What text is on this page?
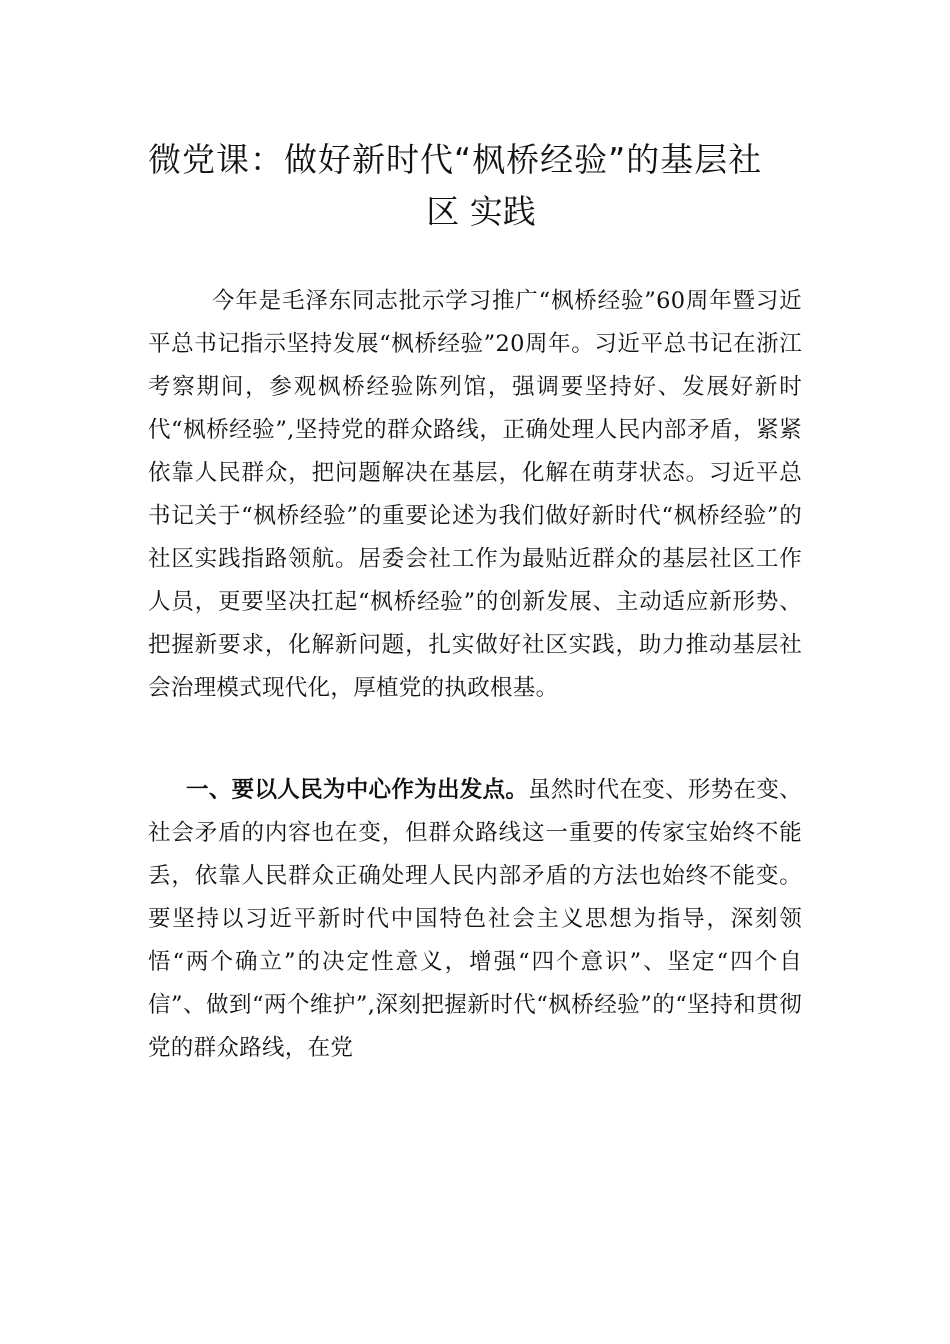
微党课：做好新时代“枫桥经验”的基层社
区 实践

今年是毛泽东同志批示学习推广“枫桥经验”60周年暨习近平总书记指示坚持发展“枫桥经验”20周年。习近平总书记在浙江考察期间，参观枫桥经验陈列馆，强调要坚持好、发展好新时代“枫桥经验”,坚持党的群众路线，正确处理人民内部矛盾，紧紧依靠人民群众，把问题解决在基层，化解在萌芽状态。习近平总书记关于“枫桥经验”的重要论述为我们做好新时代“枫桥经验”的社区实践指路领航。居委会社工作为最贴近群众的基层社区工作人员，更要坚决扛起“枫桥经验”的创新发展、主动适应新形势、把握新要求，化解新问题，扎实做好社区实践，助力推动基层社会治理模式现代化，厚植党的执政根基。

一、要以人民为中心作为出发点。虽然时代在变、形势在变、社会矛盾的内容也在变，但群众路线这一重要的传家宝始终不能丢，依靠人民群众正确处理人民内部矛盾的方法也始终不能变。要坚持以习近平新时代中国特色社会主义思想为指导，深刻领悟“两个确立”的决定性意义，增强“四个意识”、坚定“四个自信”、做到“两个维护”,深刻把握新时代“枫桥经验”的“坚持和贯彻党的群众路线，在党
